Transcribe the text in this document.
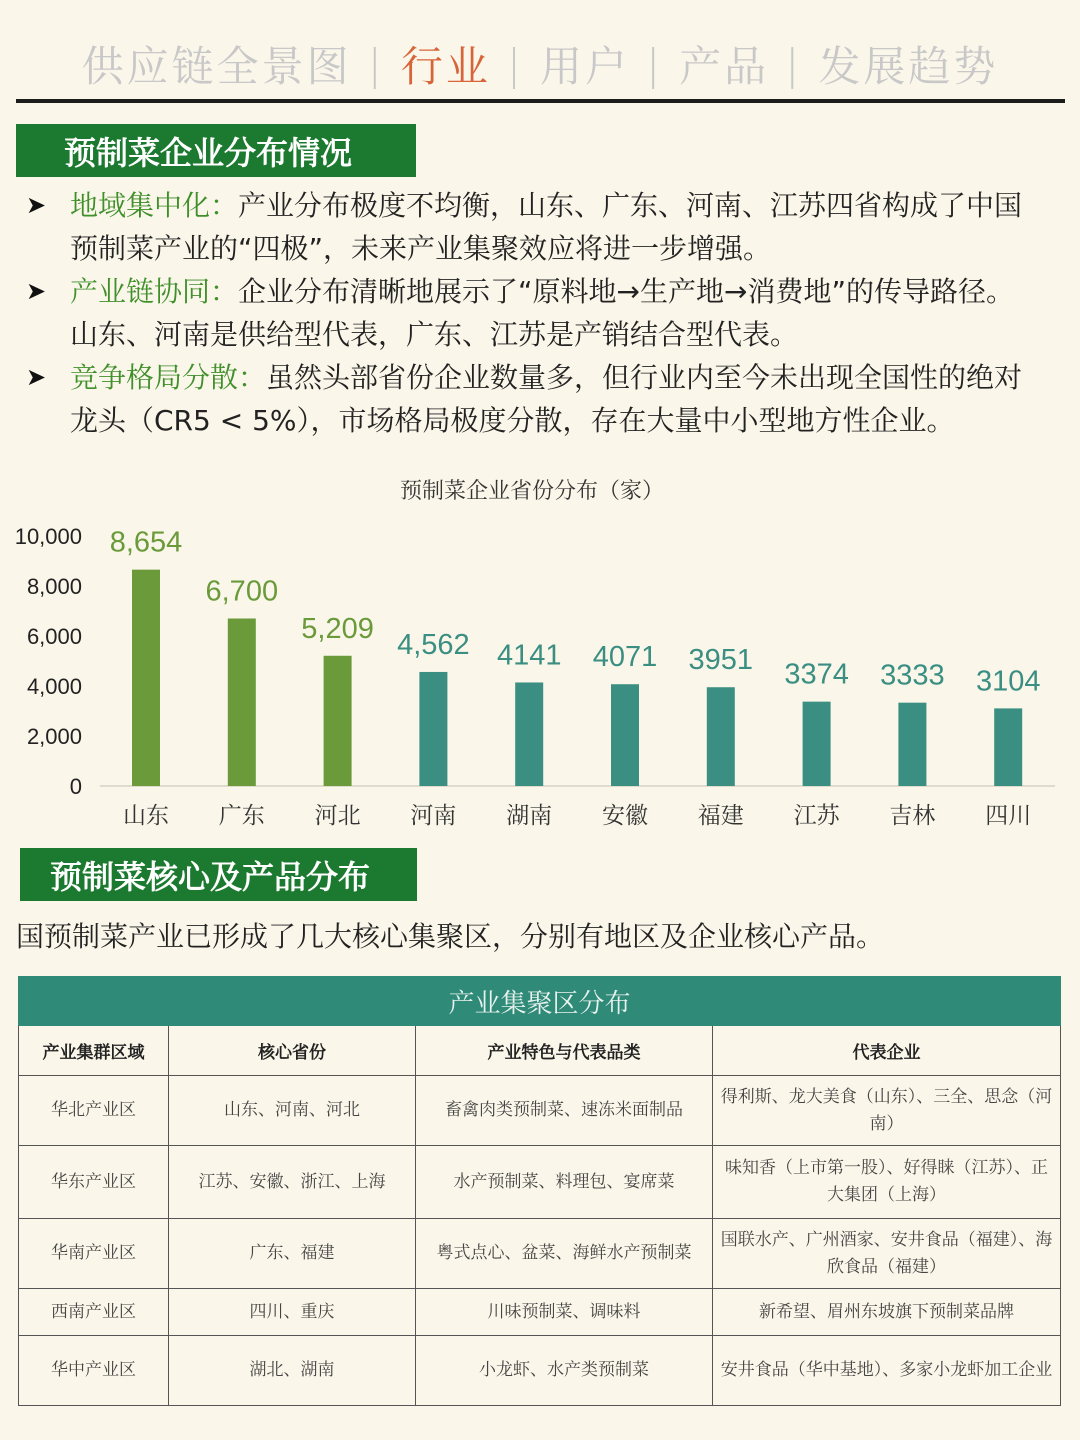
供应链全景图 | 行业 | 用户 | 产品 | 发展趋势
预制菜企业分布情况
➤ 地域集中化：产业分布极度不均衡，山东、广东、河南、江苏四省构成了中国预制菜产业的“四极”，未来产业集聚效应将进一步增强。
➤ 产业链协同：企业分布清晰地展示了“原料地→生产地→消费地”的传导路径。山东、河南是供给型代表，广东、江苏是产销结合型代表。
➤ 竞争格局分散：虽然头部省份企业数量多，但行业内至今未出现全国性的绝对龙头（CR5 < 5%），市场格局极度分散，存在大量中小型地方性企业。
预制菜企业省份分布（家）
0
2,000
4,000
6,000
8,000
10,000 8,654
山东
6,700
广东
5,209
河北
4,562
河南
4141
湖南
4071
安徽
3951
福建
3374
江苏
3333
吉林
3104
四川
预制菜核心及产品分布
国预制菜产业已形成了几大核心集聚区，分别有地区及企业核心产品。
产业集聚区分布			
产业集群区域	核心省份	产业特色与代表品类	代表企业
华北产业区	山东、河南、河北	畜禽肉类预制菜、速冻米面制品	得利斯、龙大美食（山东）、三全、思念（河南）
华东产业区	江苏、安徽、浙江、上海	水产预制菜、料理包、宴席菜	味知香（上市第一股）、好得睐（江苏）、正大集团（上海）
华南产业区	广东、福建	粤式点心、盆菜、海鲜水产预制菜	国联水产、广州酒家、安井食品（福建）、海欣食品（福建）
西南产业区	四川、重庆	川味预制菜、调味料	新希望、眉州东坡旗下预制菜品牌
华中产业区	湖北、湖南	小龙虾、水产类预制菜	安井食品（华中基地）、多家小龙虾加工企业
